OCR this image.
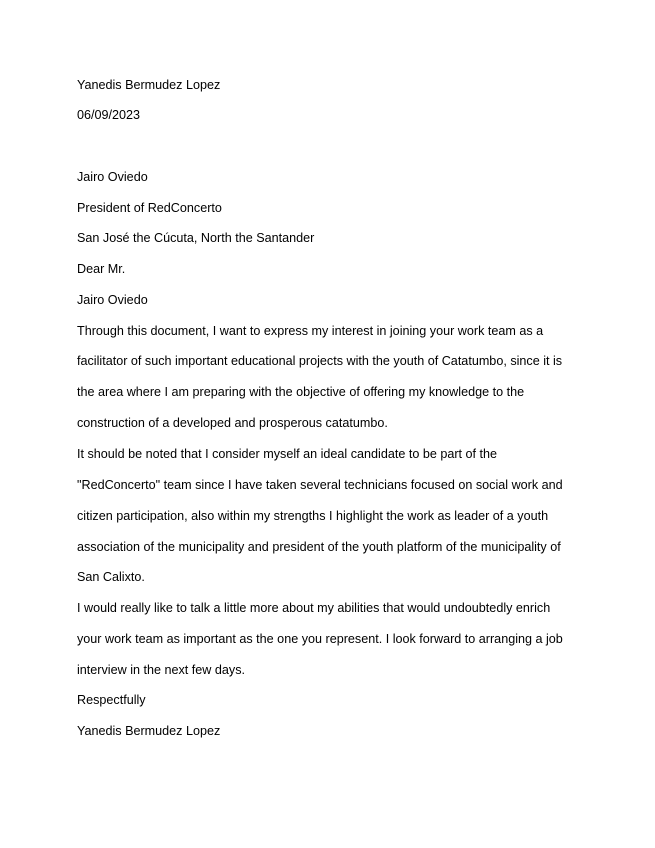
Yanedis Bermudez Lopez
06/09/2023
Jairo Oviedo
President of RedConcerto
San José the Cúcuta, North the Santander
Dear Mr.
Jairo Oviedo
Through this document, I want to express my interest in joining your work team as a
facilitator of such important educational projects with the youth of Catatumbo, since it is
the area where I am preparing with the objective of offering my knowledge to the
construction of a developed and prosperous catatumbo.
It should be noted that I consider myself an ideal candidate to be part of the
"RedConcerto" team since I have taken several technicians focused on social work and
citizen participation, also within my strengths I highlight the work as leader of a youth
association of the municipality and president of the youth platform of the municipality of
San Calixto.
I would really like to talk a little more about my abilities that would undoubtedly enrich
your work team as important as the one you represent. I look forward to arranging a job
interview in the next few days.
Respectfully
Yanedis Bermudez Lopez
